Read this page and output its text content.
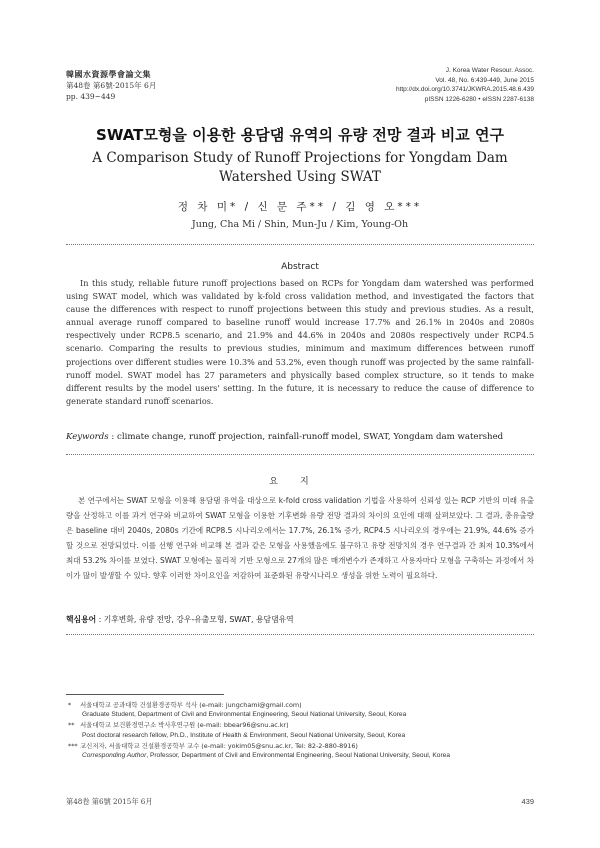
韓國水資源學會論文集
第48卷 第6號·2015年 6月
pp. 439~449
J. Korea Water Resour. Assoc.
Vol. 48, No. 6:439-449, June 2015
http://dx.doi.org/10.3741/JKWRA.2015.48.6.439
pISSN 1226-6280 • eISSN 2287-6138
SWAT모형을 이용한 용담댐 유역의 유량 전망 결과 비교 연구
A Comparison Study of Runoff Projections for Yongdam Dam Watershed Using SWAT
정 차 미* / 신 문 주** / 김 영 오***
Jung, Cha Mi / Shin, Mun-Ju / Kim, Young-Oh
Abstract
In this study, reliable future runoff projections based on RCPs for Yongdam dam watershed was performed using SWAT model, which was validated by k-fold cross validation method, and investigated the factors that cause the differences with respect to runoff projections between this study and previous studies. As a result, annual average runoff compared to baseline runoff would increase 17.7% and 26.1% in 2040s and 2080s respectively under RCP8.5 scenario, and 21.9% and 44.6% in 2040s and 2080s respectively under RCP4.5 scenario. Comparing the results to previous studies, minimum and maximum differences between runoff projections over different studies were 10.3% and 53.2%, even though runoff was projected by the same rainfall-runoff model. SWAT model has 27 parameters and physically based complex structure, so it tends to make different results by the model users' setting. In the future, it is necessary to reduce the cause of difference to generate standard runoff scenarios.
Keywords : climate change, runoff projection, rainfall-runoff model, SWAT, Yongdam dam watershed
요지
본 연구에서는 SWAT 모형을 이용해 용담댐 유역을 대상으로 k-fold cross validation 기법을 사용하여 신뢰성 있는 RCP 기반의 미래 유출량을 산정하고 이를 과거 연구와 비교하여 SWAT 모형을 이용한 기후변화 유량 전망 결과의 차이의 요인에 대해 살펴보았다. 그 결과, 총유출량은 baseline 대비 2040s, 2080s 기간에 RCP8.5 시나리오에서는 17.7%, 26.1% 증가, RCP4.5 시나리오의 경우에는 21.9%, 44.6% 증가할 것으로 전망되었다. 이를 선행 연구와 비교해 본 결과 같은 모형을 사용했음에도 불구하고 유량 전망치의 경우 연구결과 간 최저 10.3%에서 최대 53.2% 차이를 보였다. SWAT 모형에는 물리적 기반 모형으로 27개의 많은 매개변수가 존재하고 사용자마다 모형을 구축하는 과정에서 차이가 많이 발생할 수 있다. 향후 이러한 차이요인을 저감하여 표준화된 유량시나리오 생성을 위한 노력이 필요하다.
핵심용어 : 기후변화, 유량 전망, 강우-유출모형, SWAT, 용담댐유역
* 서울대학교 공과대학 건설환경공학부 석사 (e-mail: jungchami@gmail.com)
Graduate Student, Department of Civil and Environmental Engineering, Seoul National University, Seoul, Korea
** 서울대학교 보건환경연구소 박사후연구원 (e-mail: bbear96@snu.ac.kr)
Post doctoral research fellow, Ph.D., Institute of Health & Environment, Seoul National University, Seoul, Korea
*** 교신저자, 서울대학교 건설환경공학부 교수 (e-mail: yokim05@snu.ac.kr, Tel: 82-2-880-8916)
Corresponding Author, Professor, Department of Civil and Environmental Engineering, Seoul National University, Seoul, Korea
第48卷 第6號 2015年 6月	439
